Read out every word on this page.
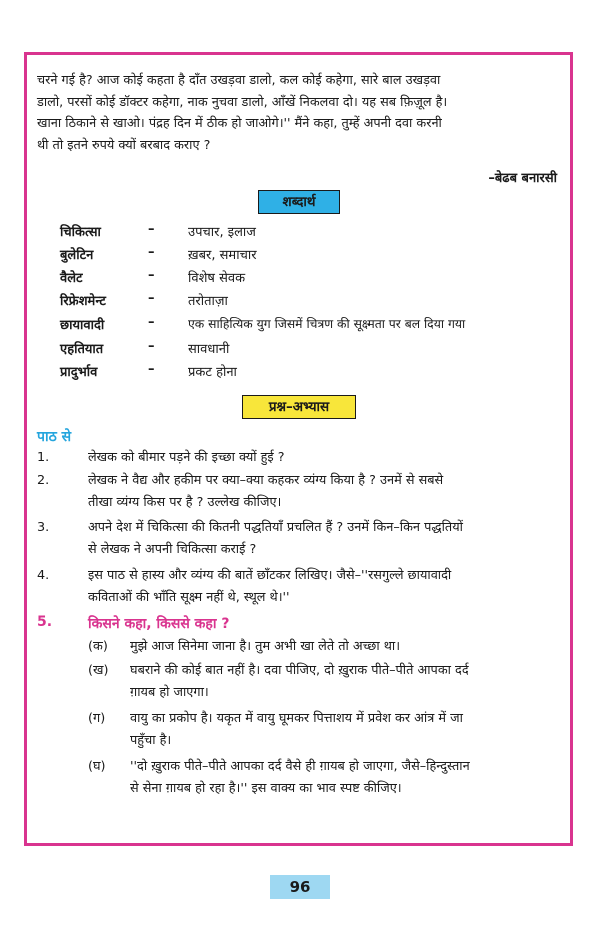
चरने गई है? आज कोई कहता है दाँत उखड़वा डालो, कल कोई कहेगा, सारे बाल उखड़वा
डालो, परसों कोई डॉक्टर कहेगा, नाक नुचवा डालो, आँखें निकलवा दो। यह सब फ़िज़ूल है।
खाना ठिकाने से खाओ। पंद्रह दिन में ठीक हो जाओगे।'' मैंने कहा, तुम्हें अपनी दवा करनी
थी तो इतने रुपये क्यों बरबाद कराए ?
–बेढब बनारसी
शब्दार्थ
चिकित्सा	–	उपचार, इलाज
बुलेटिन	–	ख़बर, समाचार
वैलेट	–	विशेष सेवक
रिफ्रेशमेन्ट	–	तरोताज़ा
छायावादी	–	एक साहित्यिक युग जिसमें चित्रण की सूक्ष्मता पर बल दिया गया
एहतियात	–	सावधानी
प्रादुर्भाव	–	प्रकट होना
प्रश्न–अभ्यास
पाठ से
1.	लेखक को बीमार पड़ने की इच्छा क्यों हुई ?
2.	लेखक ने वैद्य और हकीम पर क्या–क्या कहकर व्यंग्य किया है ? उनमें से सबसे
तीखा व्यंग्य किस पर है ? उल्लेख कीजिए।
3.	अपने देश में चिकित्सा की कितनी पद्धतियाँ प्रचलित हैं ? उनमें किन–किन पद्धतियों
से लेखक ने अपनी चिकित्सा कराई ?
4.	इस पाठ से हास्य और व्यंग्य की बातें छाँटकर लिखिए। जैसे–''रसगुल्ले छायावादी
कविताओं की भाँति सूक्ष्म नहीं थे, स्थूल थे।''
5.	किसने कहा, किससे कहा ?
(क) मुझे आज सिनेमा जाना है। तुम अभी खा लेते तो अच्छा था।
(ख) घबराने की कोई बात नहीं है। दवा पीजिए, दो ख़ुराक पीते–पीते आपका दर्द
ग़ायब हो जाएगा।
(ग) वायु का प्रकोप है। यकृत में वायु घूमकर पित्ताशय में प्रवेश कर आंत्र में जा
पहुँचा है।
(घ) ''दो ख़ुराक पीते–पीते आपका दर्द वैसे ही ग़ायब हो जाएगा, जैसे–हिन्दुस्तान
से सेना ग़ायब हो रहा है।'' इस वाक्य का भाव स्पष्ट कीजिए।
96
